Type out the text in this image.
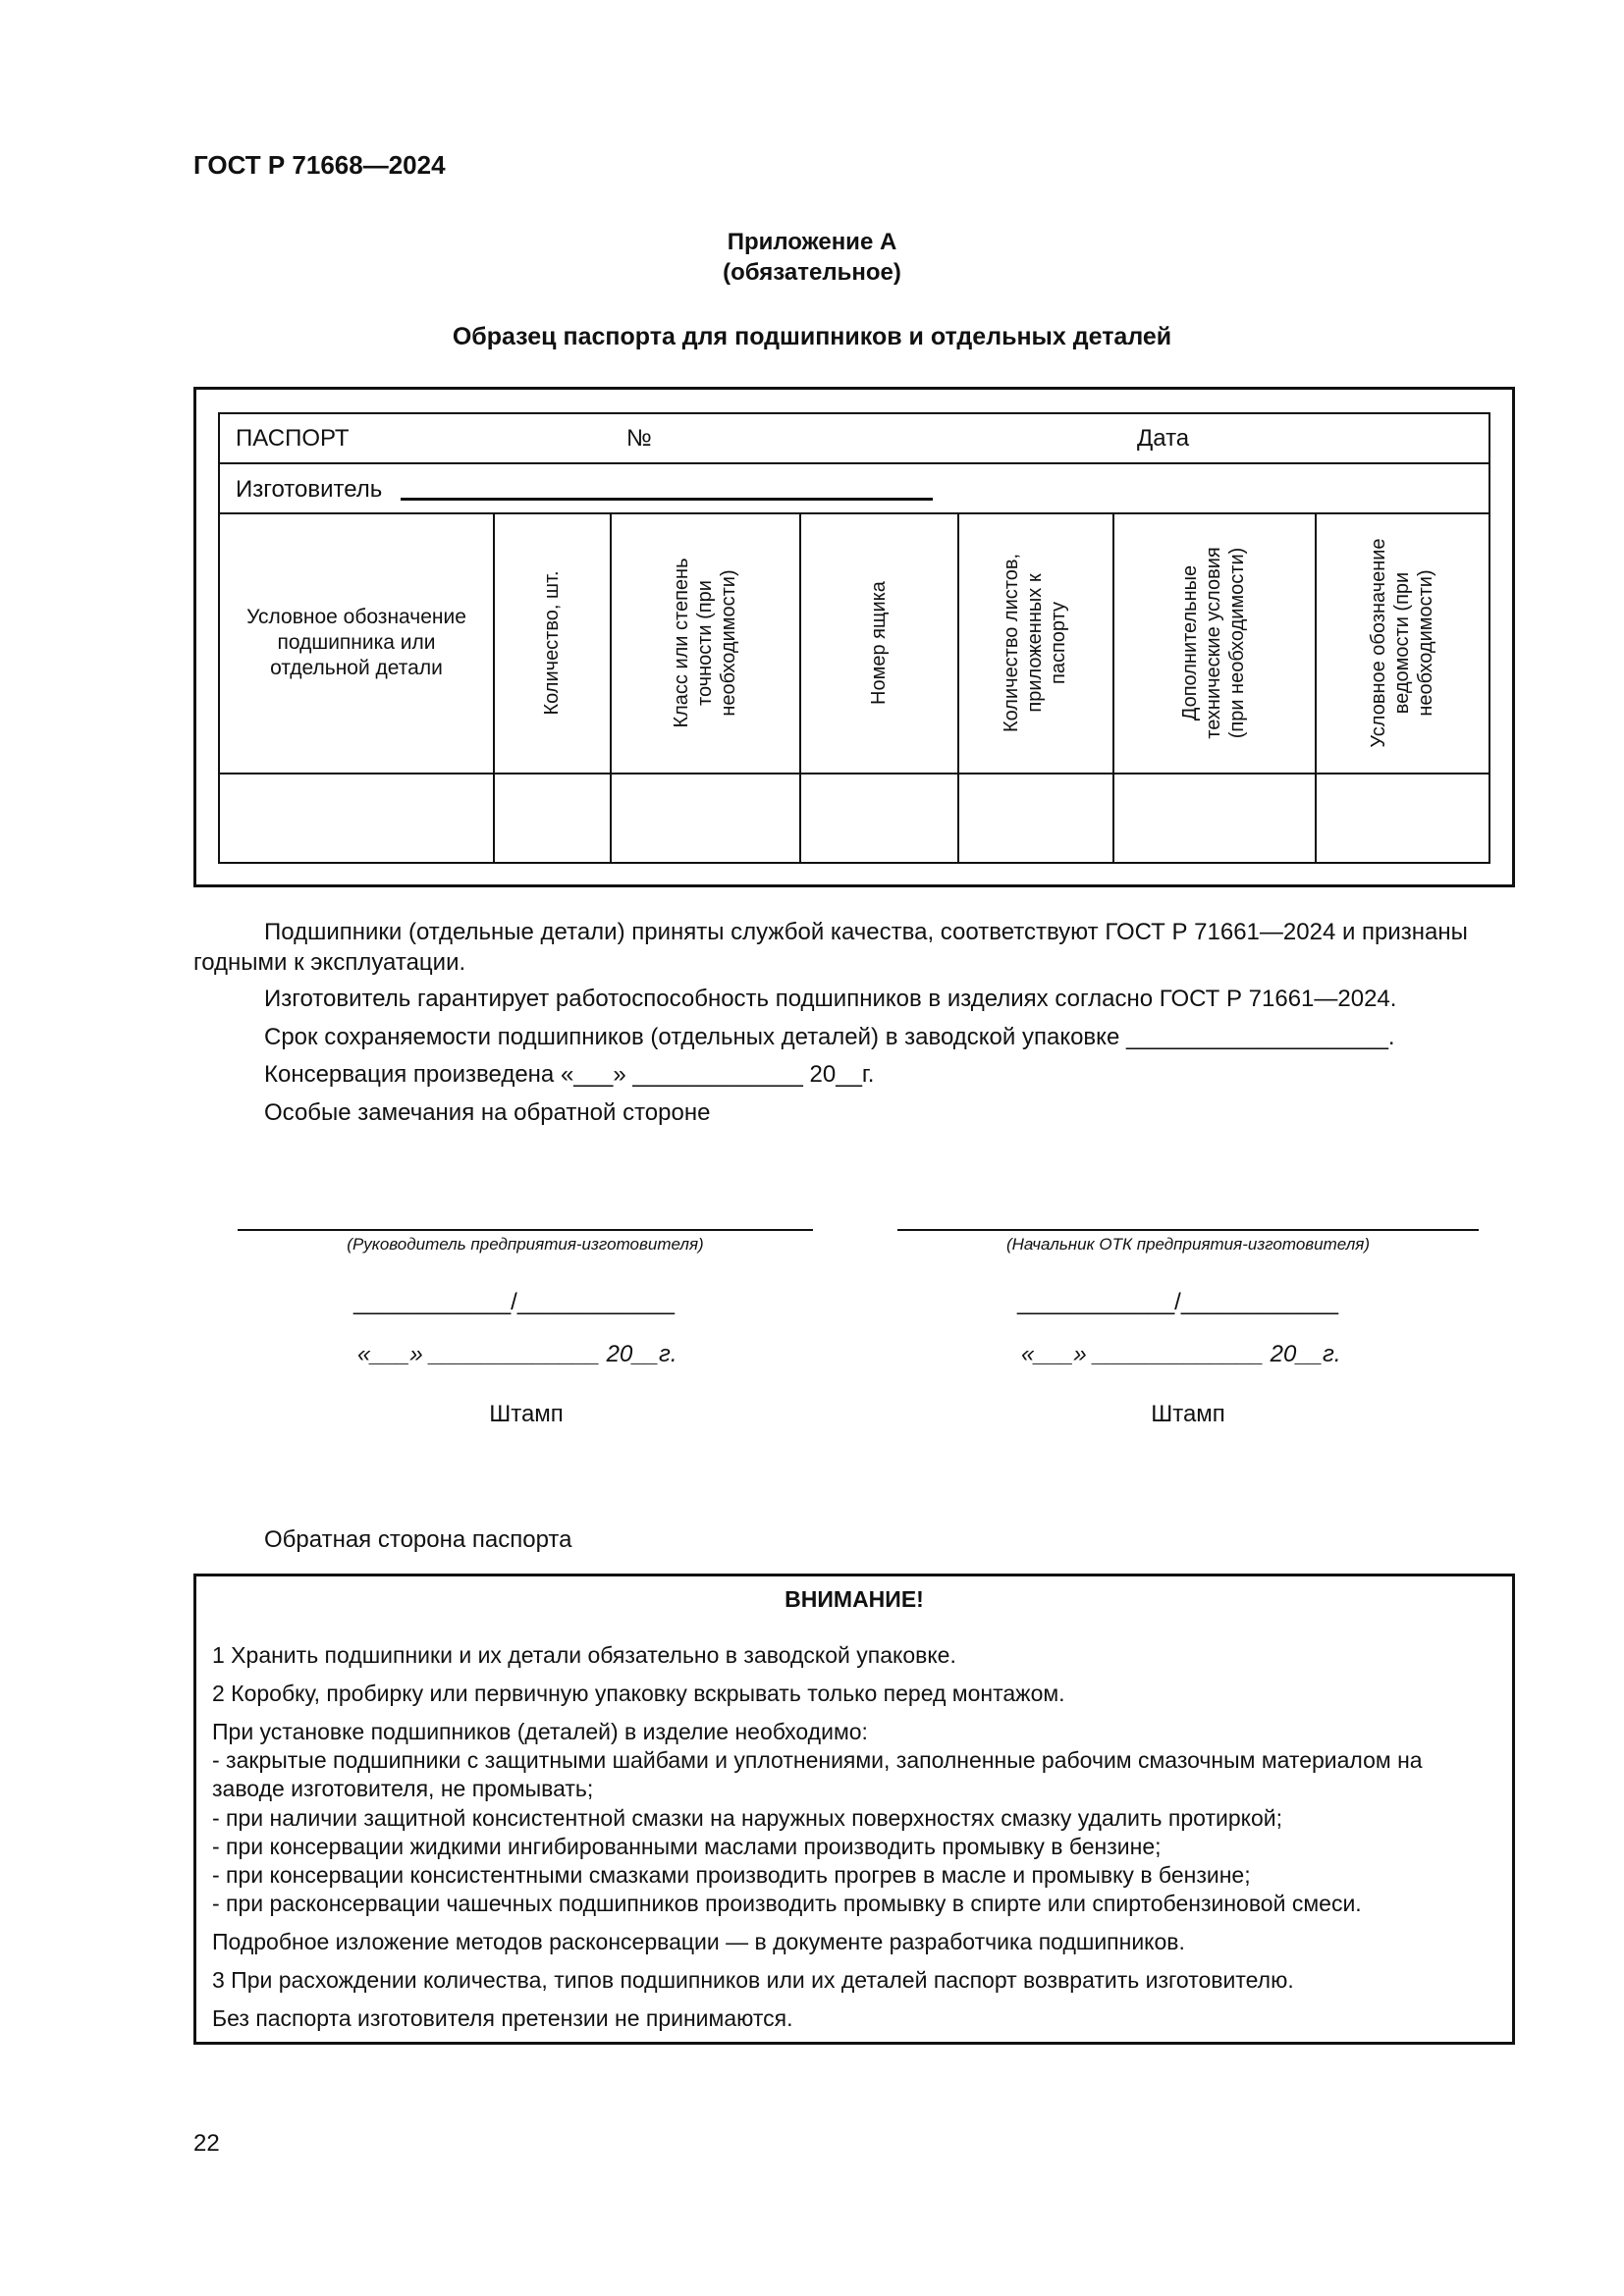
ГОСТ Р 71668—2024
Приложение А
(обязательное)
Образец паспорта для подшипников и отдельных деталей
ПАСПОРТ	№	Дата
Изготовитель
Условное обозначение подшипника или отдельной детали	Количество, шт.	Класс или степень точности (при необходимости)	Номер ящика	Количество листов, приложенных к паспорту	Дополнительные технические условия (при необходимости)	Условное обозначение ведомости (при необходимости)
Подшипники (отдельные детали) приняты службой качества, соответствуют ГОСТ Р 71661—2024 и признаны годными к эксплуатации.
Изготовитель гарантирует работоспособность подшипников в изделиях согласно ГОСТ Р 71661—2024.
Срок сохраняемости подшипников (отдельных деталей) в заводской упаковке ____________________.
Консервация произведена «___» _____________ 20__г.
Особые замечания на обратной стороне
(Руководитель предприятия-изготовителя)	(Начальник ОТК предприятия-изготовителя)
____________/____________	____________/____________
«___» _____________ 20__г.	«___» _____________ 20__г.
Штамп	Штамп
Обратная сторона паспорта
ВНИМАНИЕ!
1 Хранить подшипники и их детали обязательно в заводской упаковке.
2 Коробку, пробирку или первичную упаковку вскрывать только перед монтажом.
При установке подшипников (деталей) в изделие необходимо:
- закрытые подшипники с защитными шайбами и уплотнениями, заполненные рабочим смазочным материалом на заводе изготовителя, не промывать;
- при наличии защитной консистентной смазки на наружных поверхностях смазку удалить протиркой;
- при консервации жидкими ингибированными маслами производить промывку в бензине;
- при консервации консистентными смазками производить прогрев в масле и промывку в бензине;
- при расконсервации чашечных подшипников производить промывку в спирте или спиртобензиновой смеси.
Подробное изложение методов расконсервации — в документе разработчика подшипников.
3 При расхождении количества, типов подшипников или их деталей паспорт возвратить изготовителю.
Без паспорта изготовителя претензии не принимаются.
22
